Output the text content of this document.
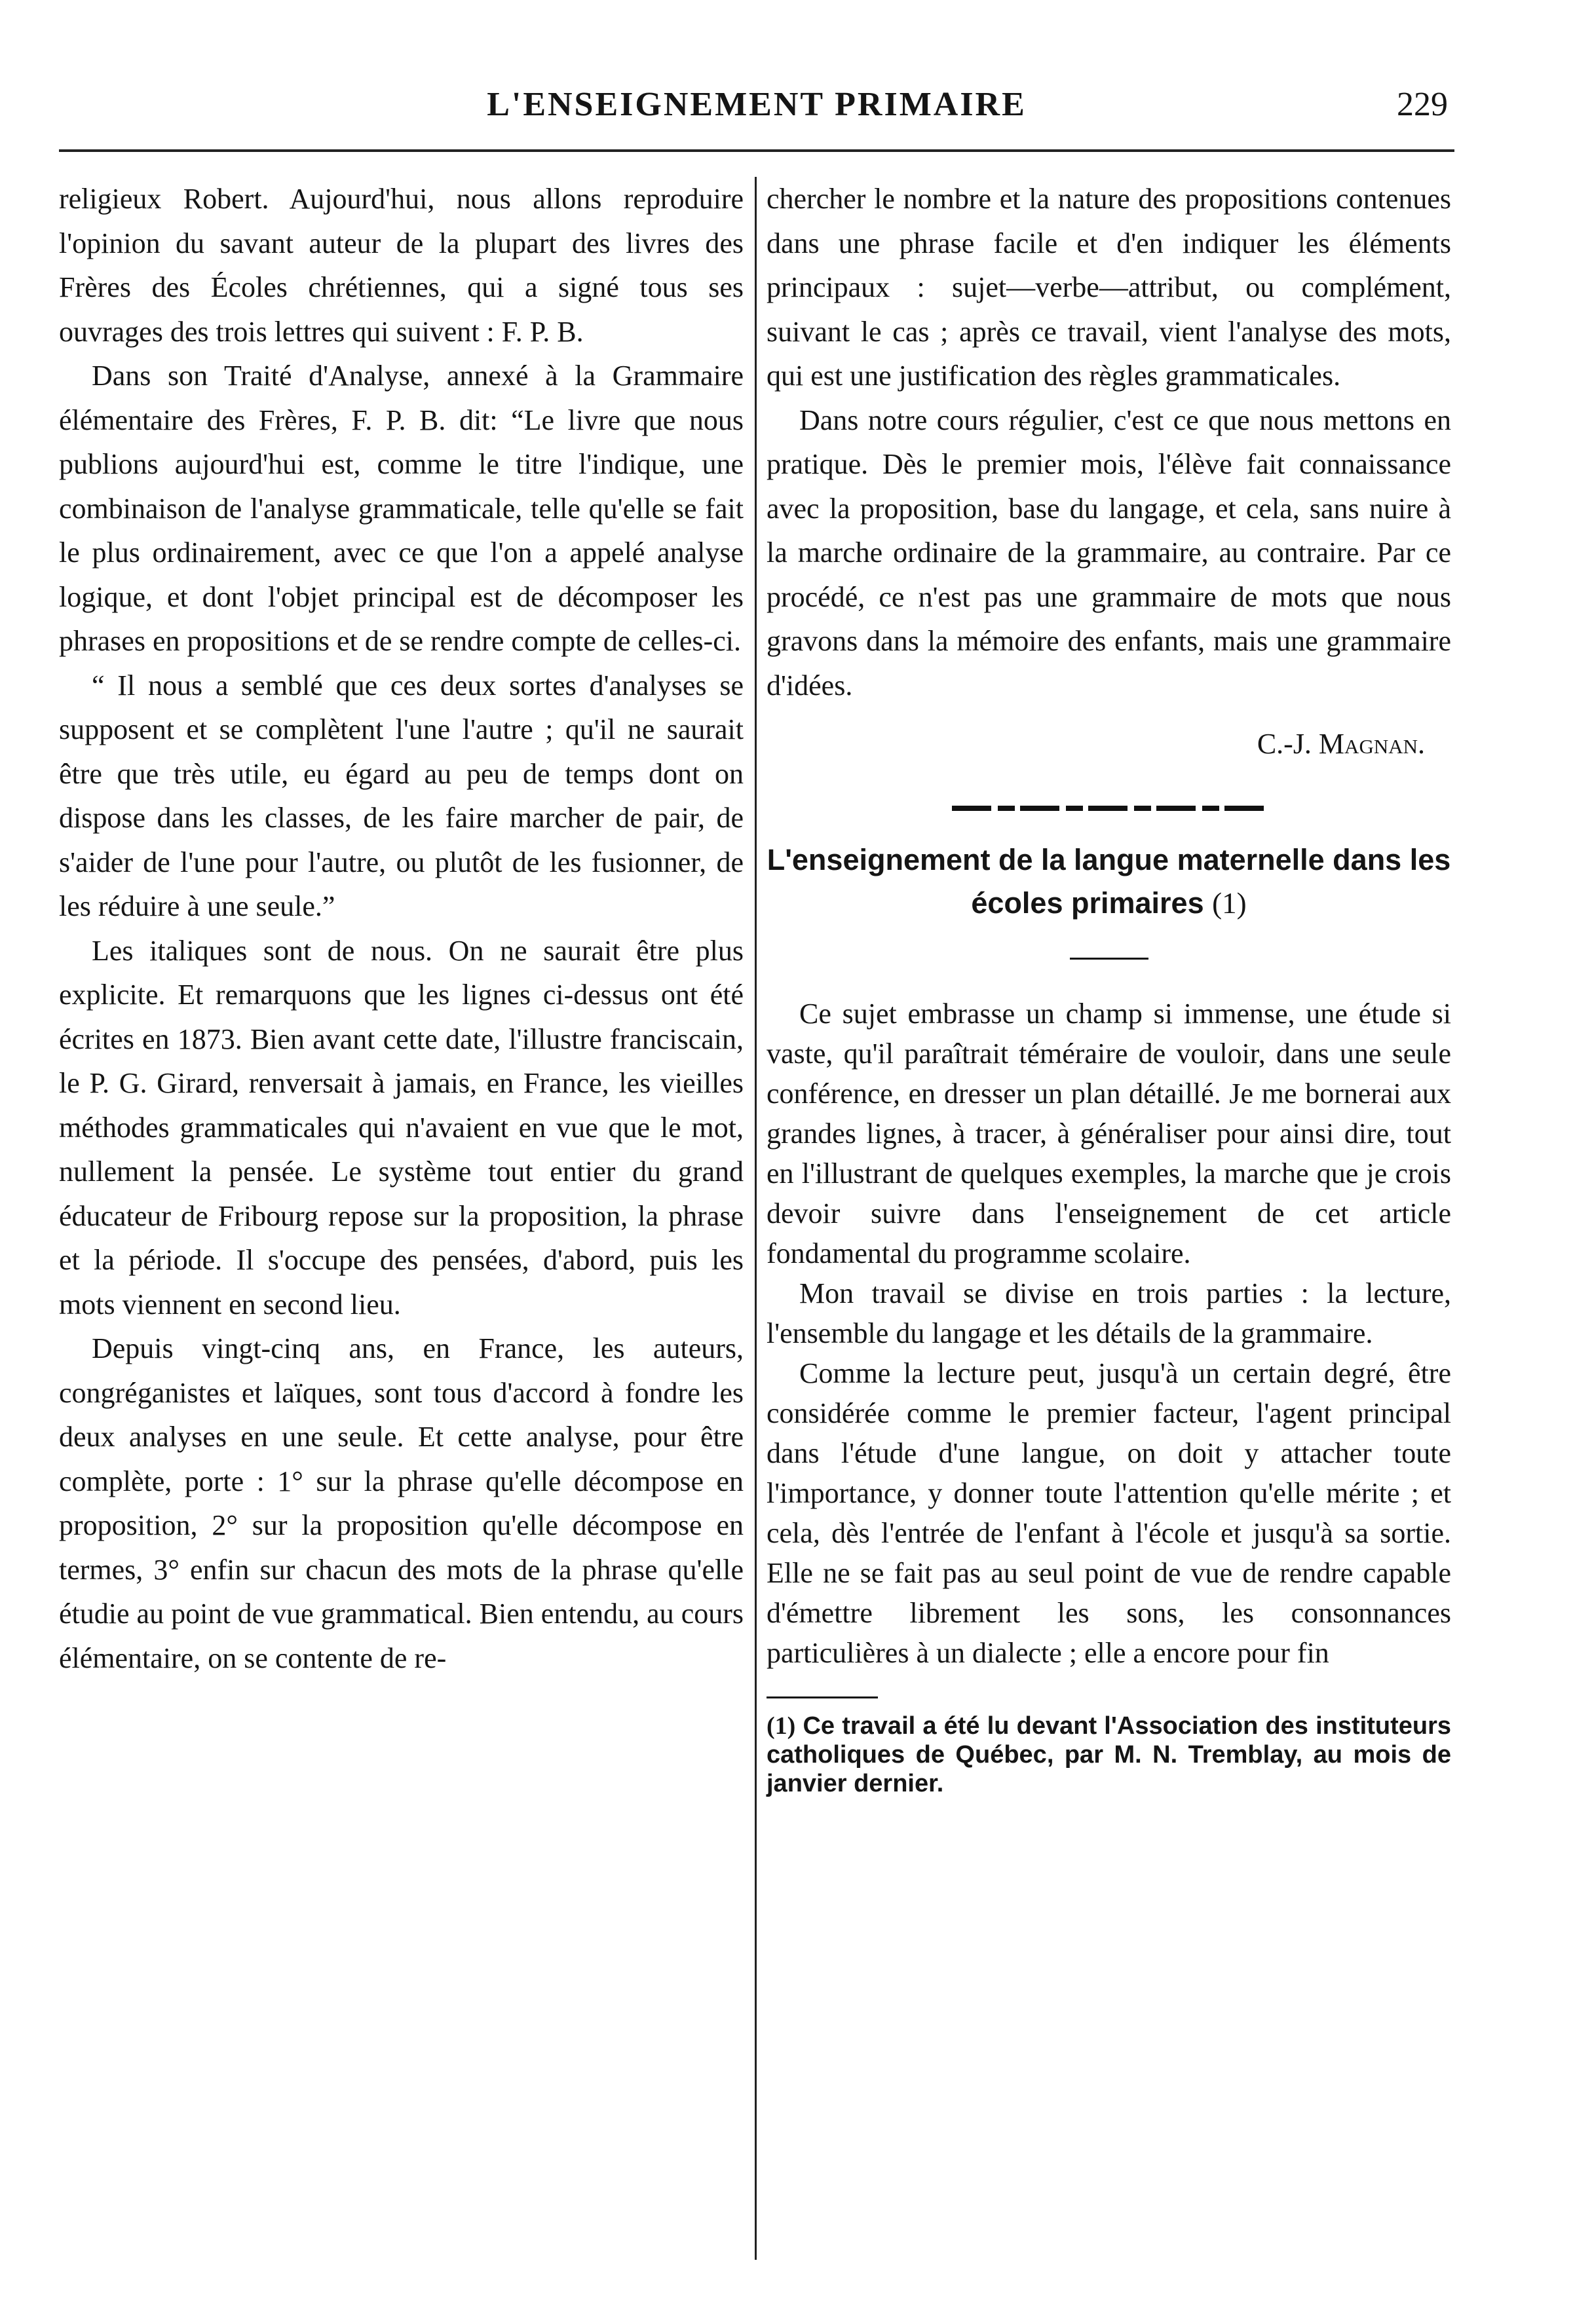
L'ENSEIGNEMENT PRIMAIRE	229

religieux Robert. Aujourd'hui, nous allons reproduire l'opinion du savant auteur de la plupart des livres des Frères des Écoles chrétiennes, qui a signé tous ses ouvrages des trois lettres qui suivent : F. P. B.

Dans son Traité d'Analyse, annexé à la Grammaire élémentaire des Frères, F. P. B. dit: “Le livre que nous publions aujourd'hui est, comme le titre l'indique, une combinaison de l'analyse grammaticale, telle qu'elle se fait le plus ordinairement, avec ce que l'on a appelé analyse logique, et dont l'objet principal est de décomposer les phrases en propositions et de se rendre compte de celles-ci.

“ Il nous a semblé que ces deux sortes d'analyses se supposent et se complètent l'une l'autre ; qu'il ne saurait être que très utile, eu égard au peu de temps dont on dispose dans les classes, de les faire marcher de pair, de s'aider de l'une pour l'autre, ou plutôt de les fusionner, de les réduire à une seule.”

Les italiques sont de nous. On ne saurait être plus explicite. Et remarquons que les lignes ci-dessus ont été écrites en 1873. Bien avant cette date, l'illustre franciscain, le P. G. Girard, renversait à jamais, en France, les vieilles méthodes grammaticales qui n'avaient en vue que le mot, nullement la pensée. Le système tout entier du grand éducateur de Fribourg repose sur la proposition, la phrase et la période. Il s'occupe des pensées, d'abord, puis les mots viennent en second lieu.

Depuis vingt-cinq ans, en France, les auteurs, congréganistes et laïques, sont tous d'accord à fondre les deux analyses en une seule. Et cette analyse, pour être complète, porte : 1° sur la phrase qu'elle décompose en proposition, 2° sur la proposition qu'elle décompose en termes, 3° enfin sur chacun des mots de la phrase qu'elle étudie au point de vue grammatical. Bien entendu, au cours élémentaire, on se contente de re-

chercher le nombre et la nature des propositions contenues dans une phrase facile et d'en indiquer les éléments principaux : sujet—verbe—attribut, ou complément, suivant le cas ; après ce travail, vient l'analyse des mots, qui est une justification des règles grammaticales.

Dans notre cours régulier, c'est ce que nous mettons en pratique. Dès le premier mois, l'élève fait connaissance avec la proposition, base du langage, et cela, sans nuire à la marche ordinaire de la grammaire, au contraire. Par ce procédé, ce n'est pas une grammaire de mots que nous gravons dans la mémoire des enfants, mais une grammaire d'idées.

C.-J. Magnan.
L'enseignement de la langue maternelle dans les écoles primaires (1)

Ce sujet embrasse un champ si immense, une étude si vaste, qu'il paraîtrait téméraire de vouloir, dans une seule conférence, en dresser un plan détaillé. Je me bornerai aux grandes lignes, à tracer, à généraliser pour ainsi dire, tout en l'illustrant de quelques exemples, la marche que je crois devoir suivre dans l'enseignement de cet article fondamental du programme scolaire.

Mon travail se divise en trois parties : la lecture, l'ensemble du langage et les détails de la grammaire.

Comme la lecture peut, jusqu'à un certain degré, être considérée comme le premier facteur, l'agent principal dans l'étude d'une langue, on doit y attacher toute l'importance, y donner toute l'attention qu'elle mérite ; et cela, dès l'entrée de l'enfant à l'école et jusqu'à sa sortie. Elle ne se fait pas au seul point de vue de rendre capable d'émettre librement les sons, les consonnances particulières à un dialecte ; elle a encore pour fin

(1) Ce travail a été lu devant l'Association des instituteurs catholiques de Québec, par M. N. Tremblay, au mois de janvier dernier.
